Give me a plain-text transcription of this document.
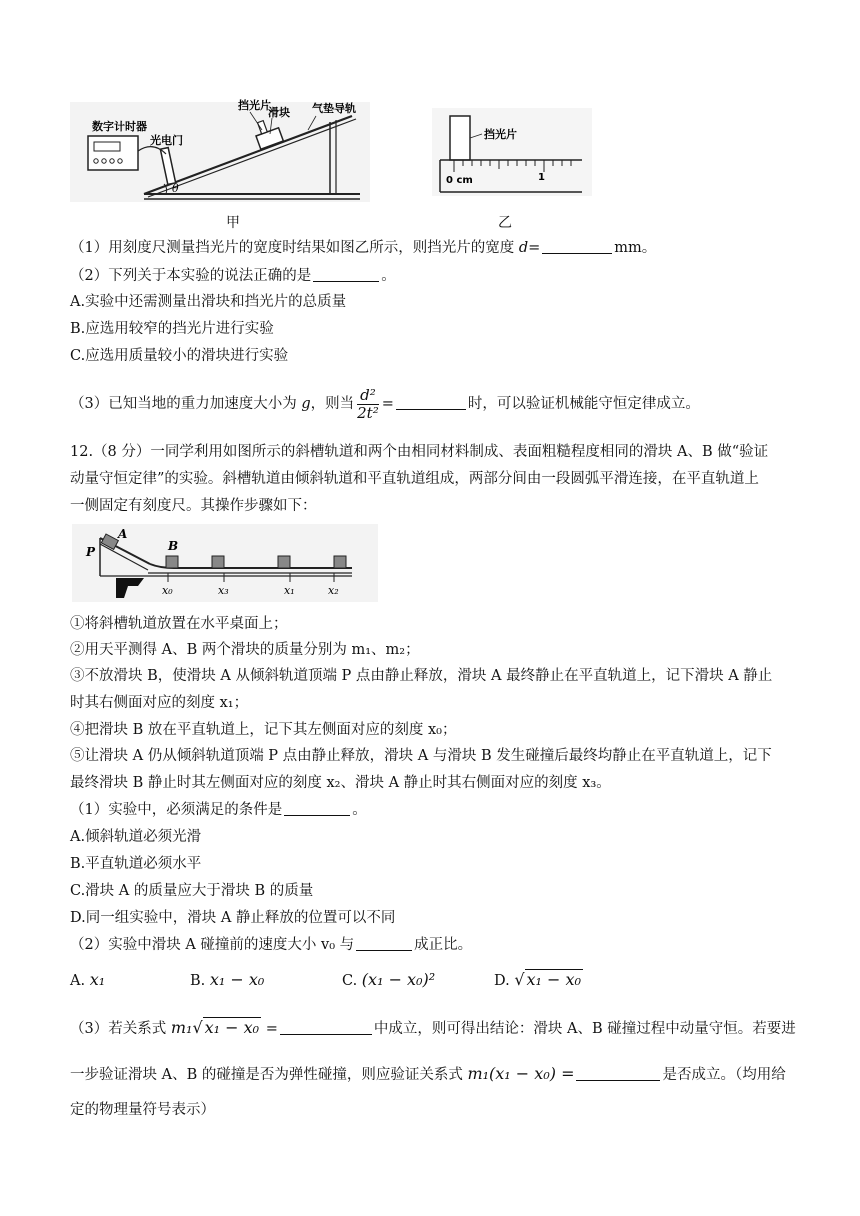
数字计时器
光电门
挡光片
滑块 气垫导轨
θ
挡光片
0 cm	1
甲	乙
（1）用刻度尺测量挡光片的宽度时结果如图乙所示，则挡光片的宽度 d=	mm。
（2）下列关于本实验的说法正确的是	。
A.实验中还需测量出滑块和挡光片的总质量
B.应选用较窄的挡光片进行实验
C.应选用质量较小的滑块进行实验
（3）已知当地的重力加速度大小为 g，则当 $\frac{\text{d²}}{\text{2t²}}$ =	时，可以验证机械能守恒定律成立。
12.（8 分）一同学利用如图所示的斜槽轨道和两个由相同材料制成、表面粗糙程度相同的滑块 A、B 做“验证
动量守恒定律”的实验。斜槽轨道由倾斜轨道和平直轨道组成，两部分间由一段圆弧平滑连接，在平直轨道上
一侧固定有刻度尺。其操作步骤如下：
A
B
P
x₀	x₃	x₁	x₂
①将斜槽轨道放置在水平桌面上；
②用天平测得 A、B 两个滑块的质量分别为 m₁、m₂；
③不放滑块 B，使滑块 A 从倾斜轨道顶端 P 点由静止释放，滑块 A 最终静止在平直轨道上，记下滑块 A 静止
时其右侧面对应的刻度 x₁；
④把滑块 B 放在平直轨道上，记下其左侧面对应的刻度 x₀；
⑤让滑块 A 仍从倾斜轨道顶端 P 点由静止释放，滑块 A 与滑块 B 发生碰撞后最终均静止在平直轨道上，记下
最终滑块 B 静止时其左侧面对应的刻度 x₂、滑块 A 静止时其右侧面对应的刻度 x₃。
（1）实验中，必须满足的条件是	。
A.倾斜轨道必须光滑
B.平直轨道必须水平
C.滑块 A 的质量应大于滑块 B 的质量
D.同一组实验中，滑块 A 静止释放的位置可以不同
（2）实验中滑块 A 碰撞前的速度大小 v₀ 与	成正比。
A. x₁	B. x₁ − x₀	C. (x₁ − x₀)²	D. √ x₁ − x₀
（3）若关系式 m₁√ x₁ − x₀ =	中成立，则可得出结论：滑块 A、B 碰撞过程中动量守恒。若要进
一步验证滑块 A、B 的碰撞是否为弹性碰撞，则应验证关系式 m₁(x₁ − x₀) =	是否成立。（均用给
定的物理量符号表示）
